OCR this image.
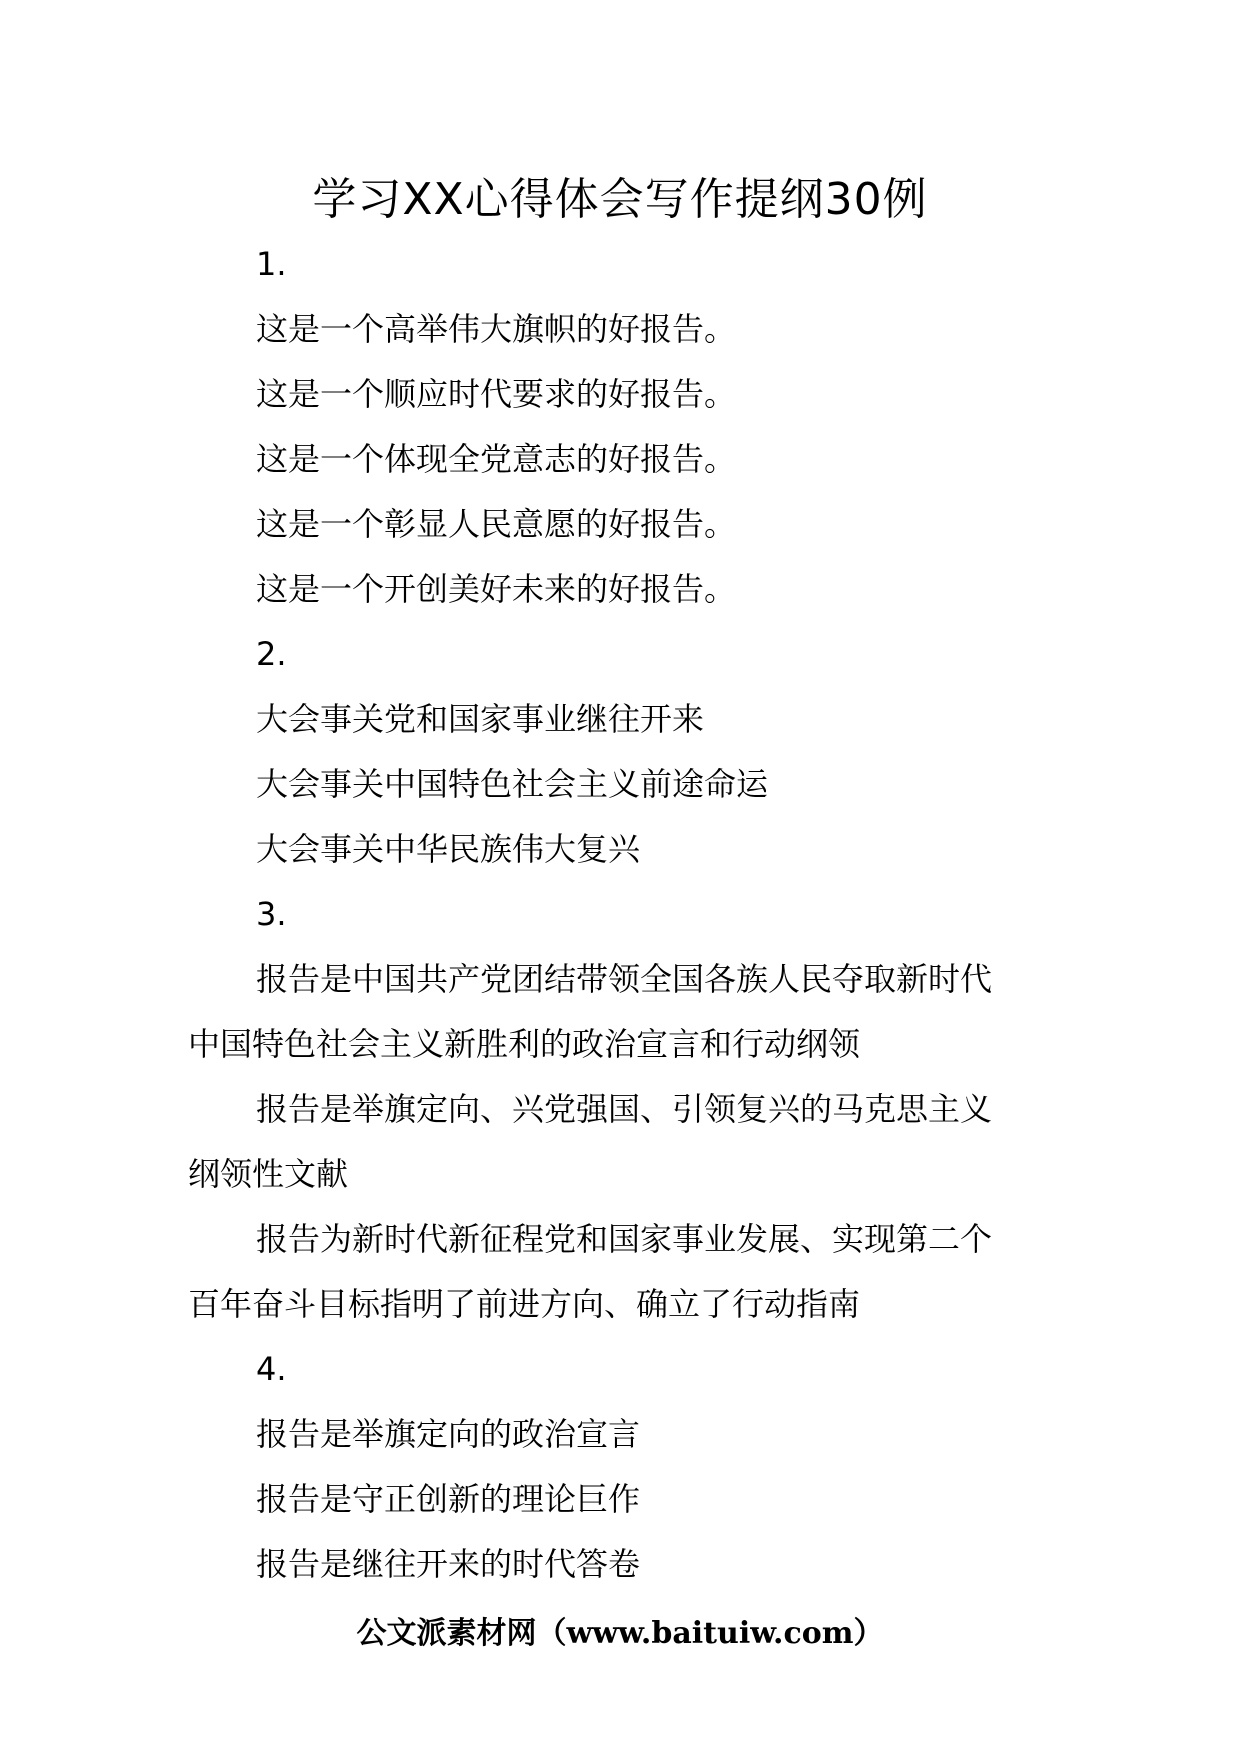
学习XX心得体会写作提纲30例
1.
这是一个高举伟大旗帜的好报告。
这是一个顺应时代要求的好报告。
这是一个体现全党意志的好报告。
这是一个彰显人民意愿的好报告。
这是一个开创美好未来的好报告。
2.
大会事关党和国家事业继往开来
大会事关中国特色社会主义前途命运
大会事关中华民族伟大复兴
3.
报告是中国共产党团结带领全国各族人民夺取新时代
中国特色社会主义新胜利的政治宣言和行动纲领
报告是举旗定向、兴党强国、引领复兴的马克思主义
纲领性文献
报告为新时代新征程党和国家事业发展、实现第二个
百年奋斗目标指明了前进方向、确立了行动指南
4.
报告是举旗定向的政治宣言
报告是守正创新的理论巨作
报告是继往开来的时代答卷
公文派素材网（www.baituiw.com）
